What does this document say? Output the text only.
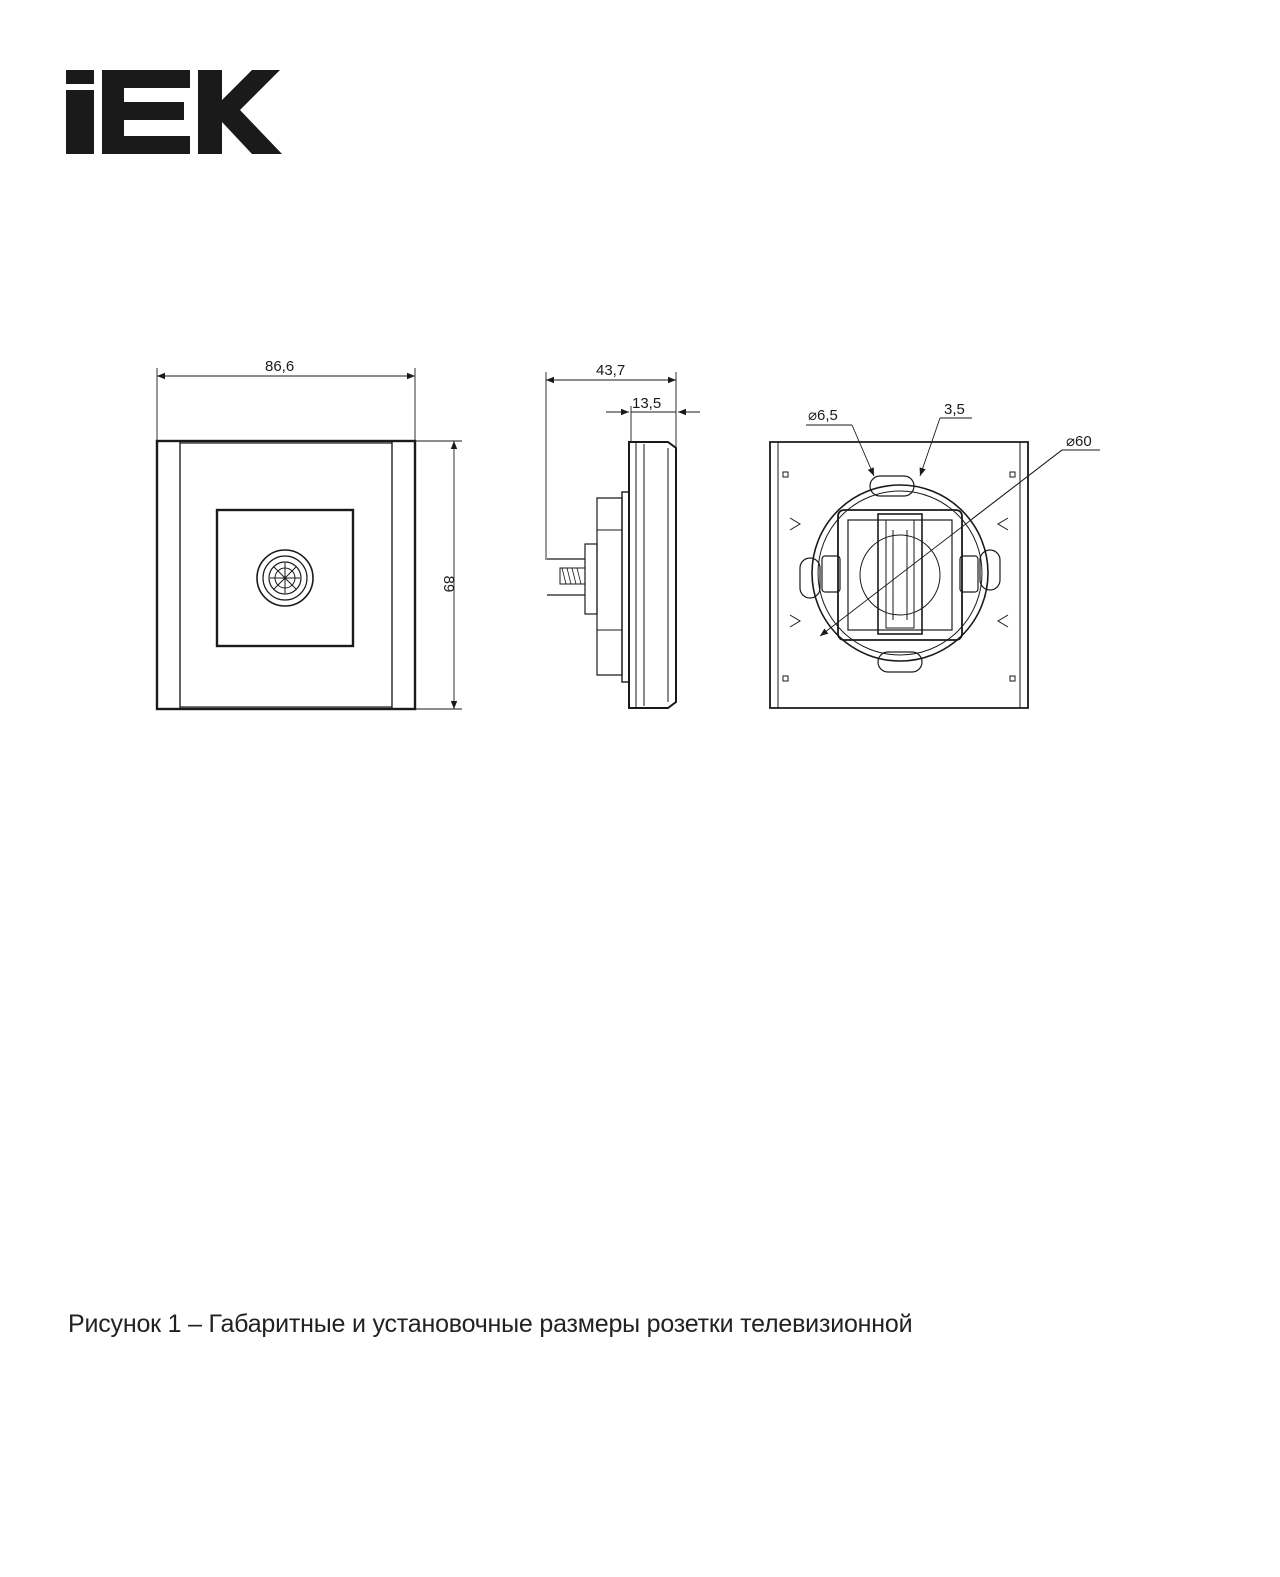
86,6
89
43,7
13,5
⌀6,5	3,5
⌀60
Рисунок 1 – Габаритные и установочные размеры розетки телевизионной
